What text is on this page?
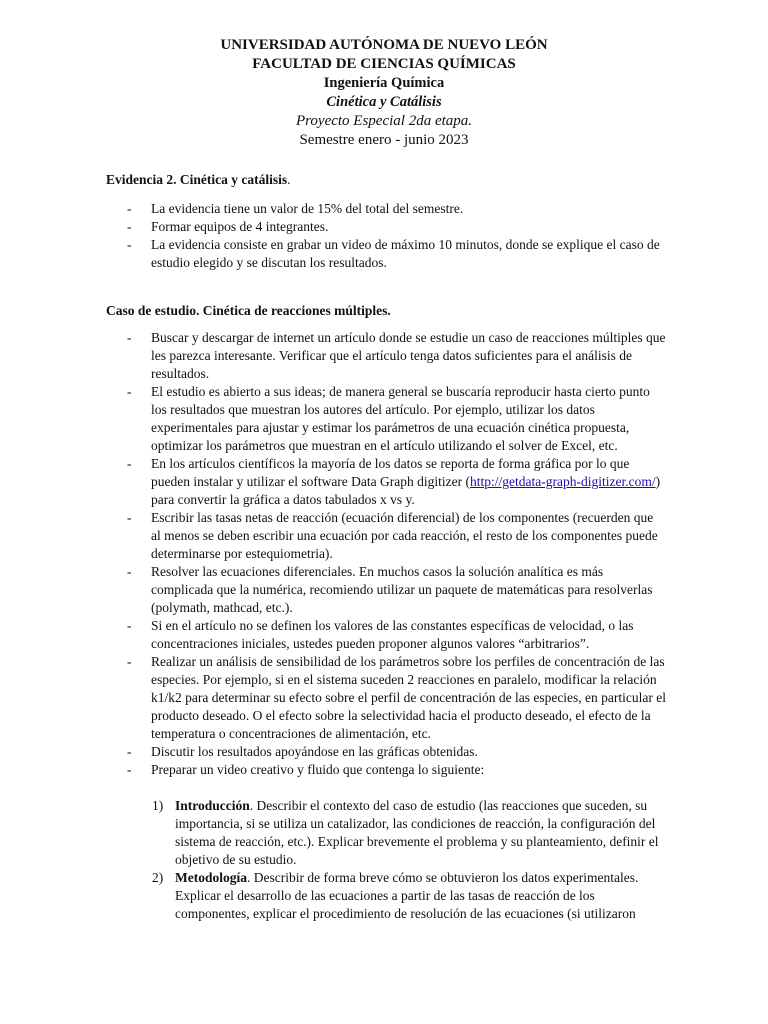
UNIVERSIDAD AUTÓNOMA DE NUEVO LEÓN
FACULTAD DE CIENCIAS QUÍMICAS
Ingeniería Química
Cinética y Catálisis
Proyecto Especial 2da etapa.
Semestre enero - junio 2023
Evidencia 2. Cinética y catálisis.
- La evidencia tiene un valor de 15% del total del semestre.
- Formar equipos de 4 integrantes.
- La evidencia consiste en grabar un video de máximo 10 minutos, donde se explique el caso de estudio elegido y se discutan los resultados.
Caso de estudio. Cinética de reacciones múltiples.
- Buscar y descargar de internet un artículo donde se estudie un caso de reacciones múltiples que les parezca interesante. Verificar que el artículo tenga datos suficientes para el análisis de resultados.
- El estudio es abierto a sus ideas; de manera general se buscaría reproducir hasta cierto punto los resultados que muestran los autores del artículo. Por ejemplo, utilizar los datos experimentales para ajustar y estimar los parámetros de una ecuación cinética propuesta, optimizar los parámetros que muestran en el artículo utilizando el solver de Excel, etc.
- En los artículos científicos la mayoría de los datos se reporta de forma gráfica por lo que pueden instalar y utilizar el software Data Graph digitizer (http://getdata-graph-digitizer.com/) para convertir la gráfica a datos tabulados x vs y.
- Escribir las tasas netas de reacción (ecuación diferencial) de los componentes (recuerden que al menos se deben escribir una ecuación por cada reacción, el resto de los componentes puede determinarse por estequiometria).
- Resolver las ecuaciones diferenciales. En muchos casos la solución analítica es más complicada que la numérica, recomiendo utilizar un paquete de matemáticas para resolverlas (polymath, mathcad, etc.).
- Si en el artículo no se definen los valores de las constantes específicas de velocidad, o las concentraciones iniciales, ustedes pueden proponer algunos valores “arbitrarios”.
- Realizar un análisis de sensibilidad de los parámetros sobre los perfiles de concentración de las especies. Por ejemplo, si en el sistema suceden 2 reacciones en paralelo, modificar la relación k1/k2 para determinar su efecto sobre el perfil de concentración de las especies, en particular el producto deseado. O el efecto sobre la selectividad hacia el producto deseado, el efecto de la temperatura o concentraciones de alimentación, etc.
- Discutir los resultados apoyándose en las gráficas obtenidas.
- Preparar un video creativo y fluido que contenga lo siguiente:
1) Introducción. Describir el contexto del caso de estudio (las reacciones que suceden, su importancia, si se utiliza un catalizador, las condiciones de reacción, la configuración del sistema de reacción, etc.). Explicar brevemente el problema y su planteamiento, definir el objetivo de su estudio.
2) Metodología. Describir de forma breve cómo se obtuvieron los datos experimentales. Explicar el desarrollo de las ecuaciones a partir de las tasas de reacción de los componentes, explicar el procedimiento de resolución de las ecuaciones (si utilizaron
